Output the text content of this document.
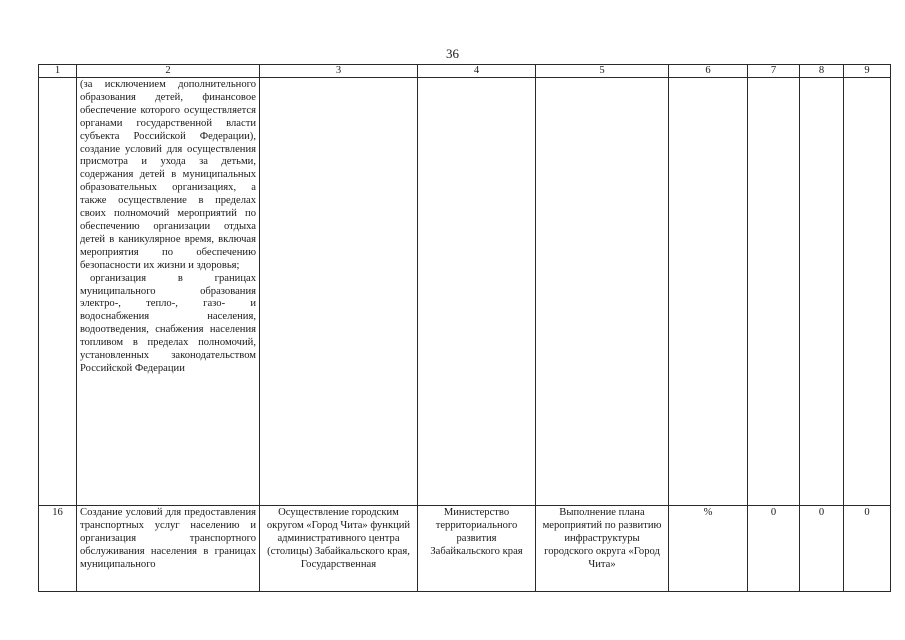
36
1	2	3	4	5	6	7	8	9

	(за исключением дополнительного образования детей, финансовое обеспечение которого осуществляется органами государственной власти субъекта Российской Федерации), создание условий для осуществления присмотра и ухода за детьми, содержания детей в муниципальных образовательных организациях, а также осуществление в пределах своих полномочий мероприятий по обеспечению организации отдыха детей в каникулярное время, включая мероприятия по обеспечению безопасности их жизни и здоровья;
организация в границах муниципального образования электро-, тепло-, газо- и водоснабжения населения, водоотведения, снабжения населения топливом в пределах полномочий, установленных законодательством Российской Федерации							

16	Создание условий для предоставления транспортных услуг населению и организация транспортного обслуживания населения в границах муниципального	Осуществление городским округом «Город Чита» функций административного центра (столицы) Забайкальского края, Государственная	Министерство территориального развития Забайкальского края	Выполнение плана мероприятий по развитию инфраструктуры городского округа «Город Чита»	%	0	0	0
